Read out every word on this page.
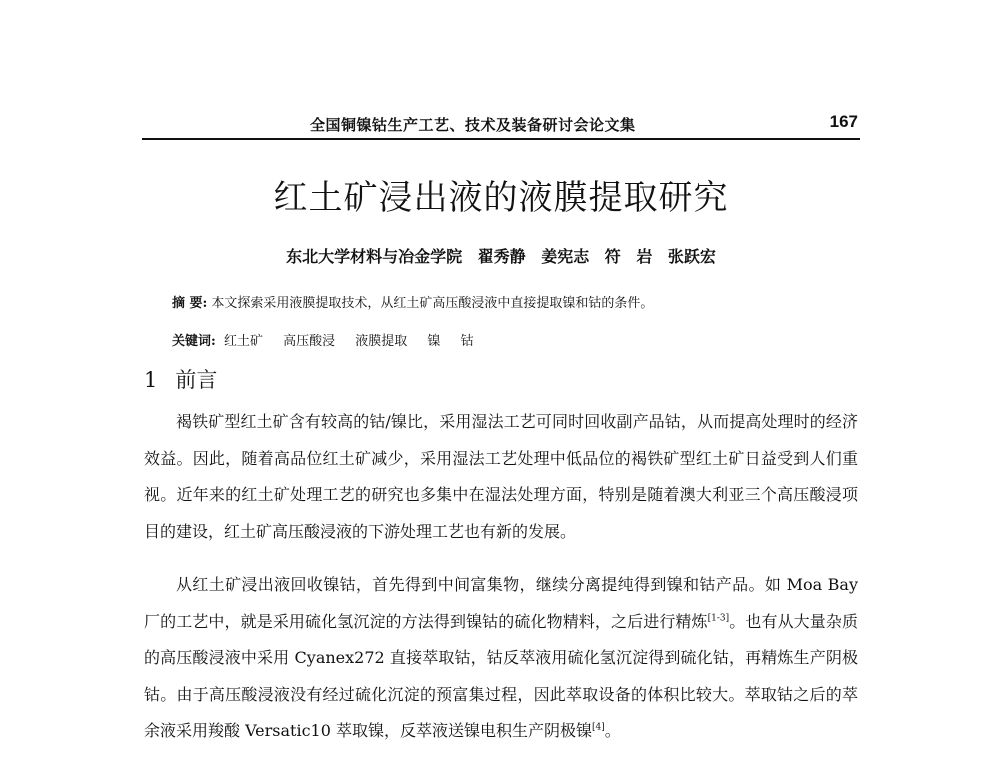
全国铜镍钴生产工艺、技术及装备研讨会论文集	167
红土矿浸出液的液膜提取研究
东北大学材料与冶金学院 翟秀静 姜宪志 符 岩 张跃宏
摘 要: 本文探索采用液膜提取技术，从红土矿高压酸浸液中直接提取镍和钴的条件。
关键词: 红土矿 高压酸浸 液膜提取 镍 钴
1 前言

褐铁矿型红土矿含有较高的钴/镍比，采用湿法工艺可同时回收副产品钴，从而提高处理时的经济效益。因此，随着高品位红土矿减少，采用湿法工艺处理中低品位的褐铁矿型红土矿日益受到人们重视。近年来的红土矿处理工艺的研究也多集中在湿法处理方面，特别是随着澳大利亚三个高压酸浸项目的建设，红土矿高压酸浸液的下游处理工艺也有新的发展。

从红土矿浸出液回收镍钴，首先得到中间富集物，继续分离提纯得到镍和钴产品。如 Moa Bay 厂的工艺中，就是采用硫化氢沉淀的方法得到镍钴的硫化物精料，之后进行精炼[1-3]。也有从大量杂质的高压酸浸液中采用 Cyanex272 直接萃取钴，钴反萃液用硫化氢沉淀得到硫化钴，再精炼生产阴极钴。由于高压酸浸液没有经过硫化沉淀的预富集过程，因此萃取设备的体积比较大。萃取钴之后的萃余液采用羧酸 Versatic10 萃取镍，反萃液送镍电积生产阴极镍[4]。
